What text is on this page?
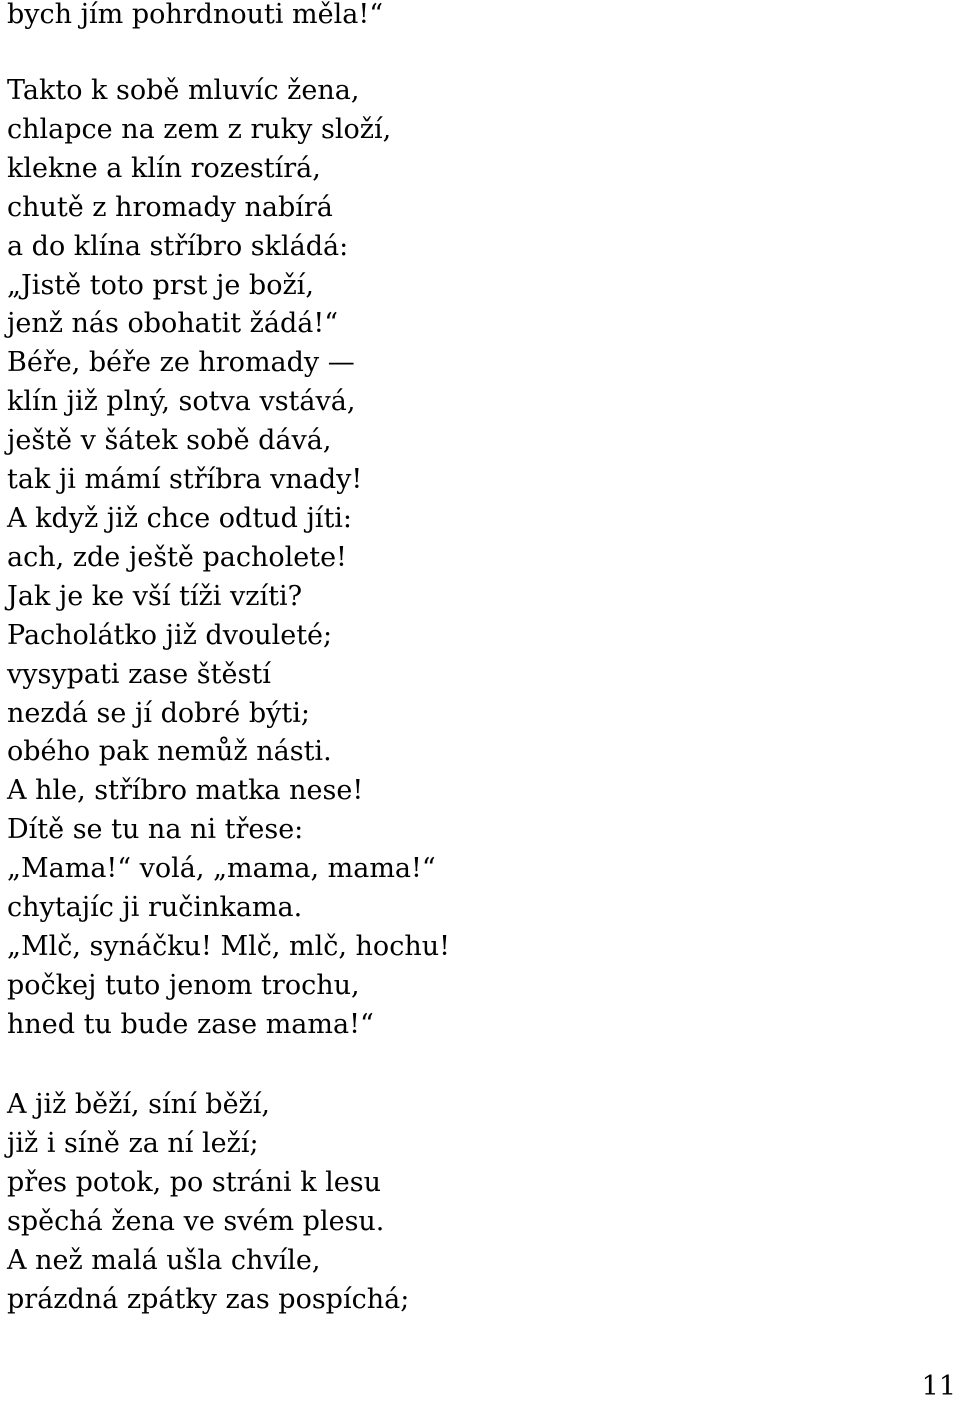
bych jím pohrdnouti měla!“
Takto k sobě mluvíc žena,
chlapce na zem z ruky složí,
klekne a klín rozestírá,
chutě z hromady nabírá
a do klína stříbro skládá:
„Jistě toto prst je boží,
jenž nás obohatit žádá!“
Béře, béře ze hromady —
klín již plný, sotva vstává,
ještě v šátek sobě dává,
tak ji mámí stříbra vnady!
A když již chce odtud jíti:
ach, zde ještě pacholete!
Jak je ke vší tíži vzíti?
Pacholátko již dvouleté;
vysypati zase štěstí
nezdá se jí dobré býti;
obého pak nemůž násti.
A hle, stříbro matka nese!
Dítě se tu na ni třese:
„Mama!“ volá, „mama, mama!“
chytajíc ji ručinkama.
„Mlč, synáčku! Mlč, mlč, hochu!
počkej tuto jenom trochu,
hned tu bude zase mama!“
A již běží, síní běží,
již i síně za ní leží;
přes potok, po stráni k lesu
spěchá žena ve svém plesu.
A než malá ušla chvíle,
prázdná zpátky zas pospíchá;
11
